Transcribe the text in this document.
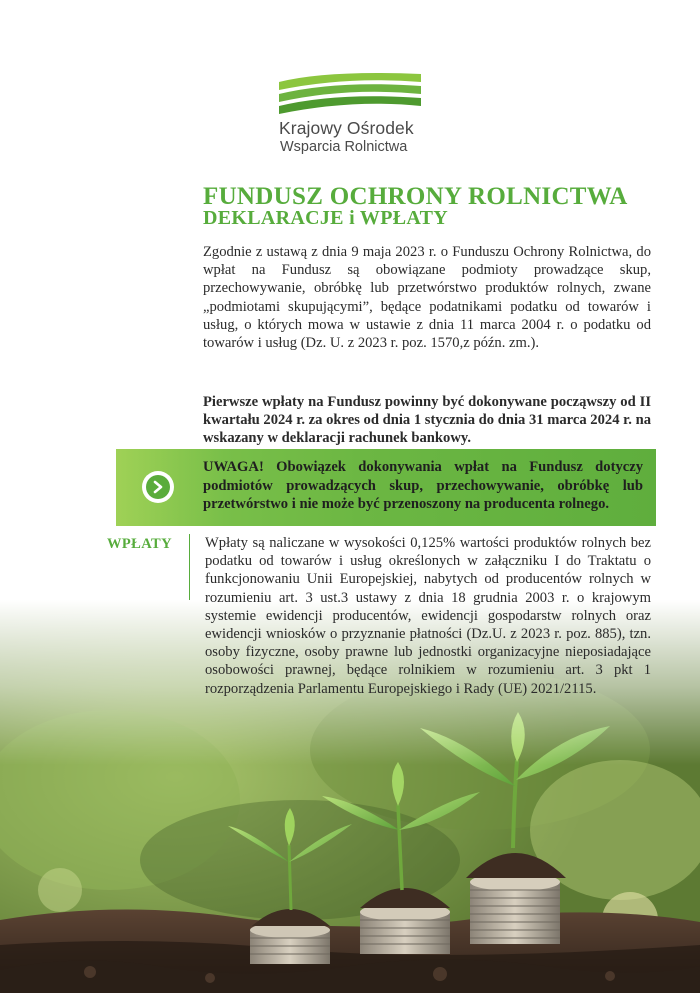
Krajowy Ośrodek
Wsparcia Rolnictwa
FUNDUSZ OCHRONY ROLNICTWA
DEKLARACJE i WPŁATY

Zgodnie z ustawą z dnia 9 maja 2023 r. o Funduszu Ochrony Rolnictwa, do wpłat na Fundusz są obowiązane podmioty prowadzące skup, przechowywanie, obróbkę lub przetwórstwo produktów rolnych, zwane „podmiotami skupującymi”, będące podatnikami podatku od towarów i usług, o których mowa w ustawie z dnia 11 marca 2004 r. o podatku od towarów i usług (Dz. U. z 2023 r. poz. 1570,z późn. zm.).

Pierwsze wpłaty na Fundusz powinny być dokonywane począwszy od II kwartału 2024 r. za okres od dnia 1 stycznia do dnia 31 marca 2024 r. na wskazany w deklaracji rachunek bankowy.

UWAGA! Obowiązek dokonywania wpłat na Fundusz dotyczy podmiotów prowadzących skup, przechowywanie, obróbkę lub przetwórstwo i nie może być przenoszony na producenta rolnego.

WPŁATY Wpłaty są naliczane w wysokości 0,125% wartości produktów rolnych bez podatku od towarów i usług określonych w załączniku I do Traktatu o funkcjonowaniu Unii Europejskiej, nabytych od producentów rolnych w rozumieniu art. 3 ust.3 ustawy z dnia 18 grudnia 2003 r. o krajowym systemie ewidencji producentów, ewidencji gospodarstw rolnych oraz ewidencji wniosków o przyznanie płatności (Dz.U. z 2023 r. poz. 885), tzn. osoby fizyczne, osoby prawne lub jednostki organizacyjne nieposiadające osobowości prawnej, będące rolnikiem w rozumieniu art. 3 pkt 1 rozporządzenia Parlamentu Europejskiego i Rady (UE) 2021/2115.
